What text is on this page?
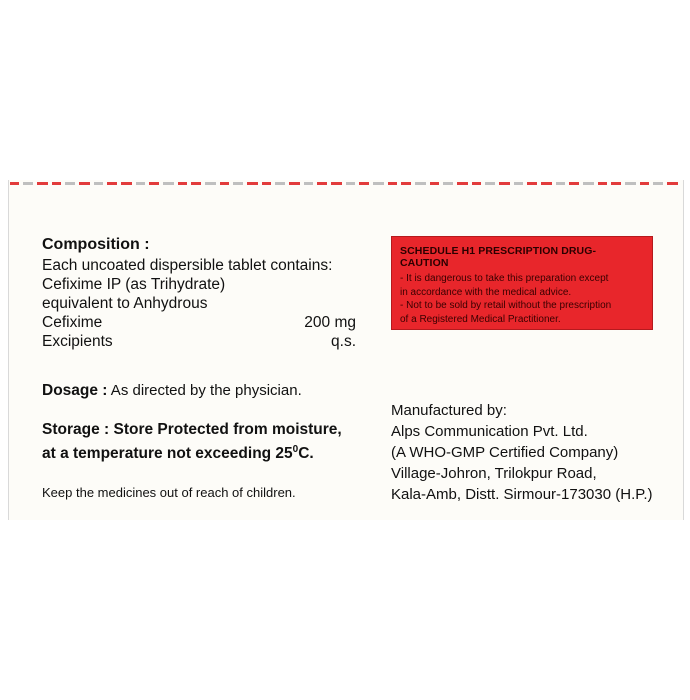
Composition :
Each uncoated dispersible tablet contains:
Cefixime IP (as Trihydrate)
equivalent to Anhydrous
Cefixime	200 mg
Excipients	q.s.
SCHEDULE H1 PRESCRIPTION DRUG-CAUTION
- It is dangerous to take this preparation except
in accordance with the medical advice.
- Not to be sold by retail without the prescription
of a Registered Medical Practitioner.
Dosage : As directed by the physician.
Storage : Store Protected from moisture,
at a temperature not exceeding $25^0C$.
Keep the medicines out of reach of children.
Manufactured by:
Alps Communication Pvt. Ltd.
(A WHO-GMP Certified Company)
Village-Johron, Trilokpur Road,
Kala-Amb, Distt. Sirmour-173030 (H.P.)
